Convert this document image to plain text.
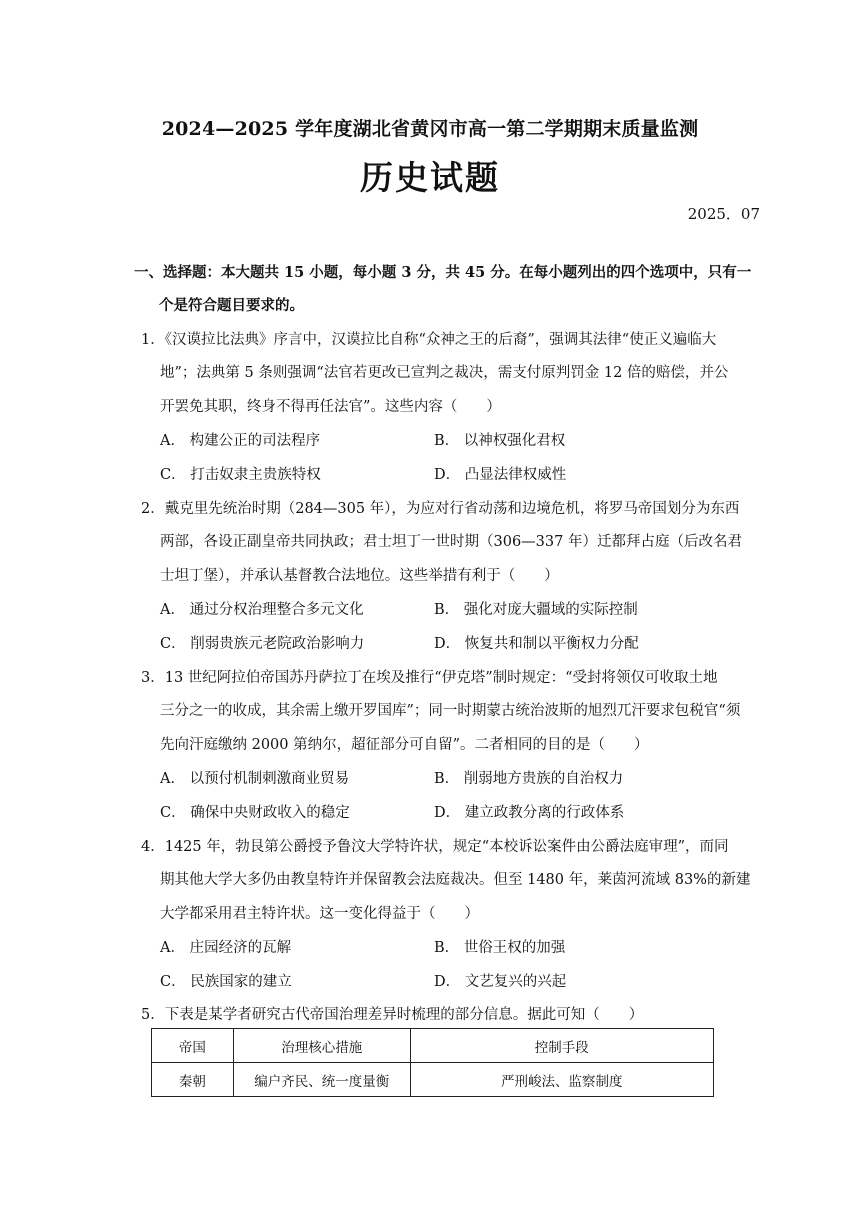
2024—2025 学年度湖北省黄冈市高一第二学期期末质量监测
历史试题
2025．07
一、选择题：本大题共 15 小题，每小题 3 分，共 45 分。在每小题列出的四个选项中，只有一
个是符合题目要求的。
1．《汉谟拉比法典》序言中，汉谟拉比自称“众神之王的后裔”，强调其法律“使正义遍临大
地”；法典第 5 条则强调“法官若更改已宣判之裁决，需支付原判罚金 12 倍的赔偿，并公
开罢免其职，终身不得再任法官”。这些内容（　　）
A． 构建公正的司法程序	B． 以神权强化君权
C． 打击奴隶主贵族特权	D． 凸显法律权威性
2．戴克里先统治时期（284—305 年），为应对行省动荡和边境危机，将罗马帝国划分为东西
两部，各设正副皇帝共同执政；君士坦丁一世时期（306—337 年）迁都拜占庭（后改名君
士坦丁堡），并承认基督教合法地位。这些举措有利于（　　）
A． 通过分权治理整合多元文化	B． 强化对庞大疆域的实际控制
C． 削弱贵族元老院政治影响力	D． 恢复共和制以平衡权力分配
3．13 世纪阿拉伯帝国苏丹萨拉丁在埃及推行“伊克塔”制时规定：“受封将领仅可收取土地
三分之一的收成，其余需上缴开罗国库”；同一时期蒙古统治波斯的旭烈兀汗要求包税官“须
先向汗庭缴纳 2000 第纳尔，超征部分可自留”。二者相同的目的是（　　）
A． 以预付机制刺激商业贸易	B． 削弱地方贵族的自治权力
C． 确保中央财政收入的稳定	D． 建立政教分离的行政体系
4．1425 年，勃艮第公爵授予鲁汶大学特许状，规定“本校诉讼案件由公爵法庭审理”，而同
期其他大学大多仍由教皇特许并保留教会法庭裁决。但至 1480 年，莱茵河流域 83%的新建
大学都采用君主特许状。这一变化得益于（　　）
A． 庄园经济的瓦解	B． 世俗王权的加强
C． 民族国家的建立	D． 文艺复兴的兴起
5．下表是某学者研究古代帝国治理差异时梳理的部分信息。据此可知（　　）
帝国	治理核心措施	控制手段
秦朝	编户齐民、统一度量衡	严刑峻法、监察制度
